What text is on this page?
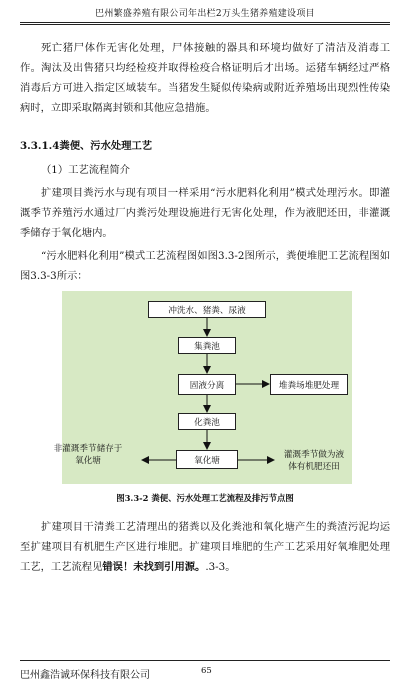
巴州繁盛养殖有限公司年出栏2万头生猪养殖建设项目
死亡猪尸体作无害化处理，尸体接触的器具和环境均做好了清洁及消毒工作。淘汰及出售猪只均经检疫并取得检疫合格证明后才出场。运猪车辆经过严格消毒后方可进入指定区域装车。当猪发生疑似传染病或附近养殖场出现烈性传染病时，立即采取隔离封锁和其他应急措施。
3.3.1.4粪便、污水处理工艺
（1）工艺流程简介
扩建项目粪污水与现有项目一样采用“污水肥料化利用”模式处理污水。即灌溉季节养殖污水通过厂内粪污处理设施进行无害化处理，作为液肥还田，非灌溉季储存于氧化塘内。
“污水肥料化利用”模式工艺流程图如图3.3-2图所示，粪便堆肥工艺流程图如图3.3-3所示：
冲洗水、猪粪、尿液
集粪池
固液分离	堆粪场堆肥处理
化粪池
氧化塘
非灌溉季节储存于
氧化塘
灌溉季节做为液
体有机肥还田
图3.3-2 粪便、污水处理工艺流程及排污节点图
扩建项目干清粪工艺清理出的猪粪以及化粪池和氧化塘产生的粪渣污泥均运至扩建项目有机肥生产区进行堆肥。扩建项目堆肥的生产工艺采用好氧堆肥处理工艺，工艺流程见错误！未找到引用源。.3-3。
巴州鑫浩诚环保科技有限公司	65
